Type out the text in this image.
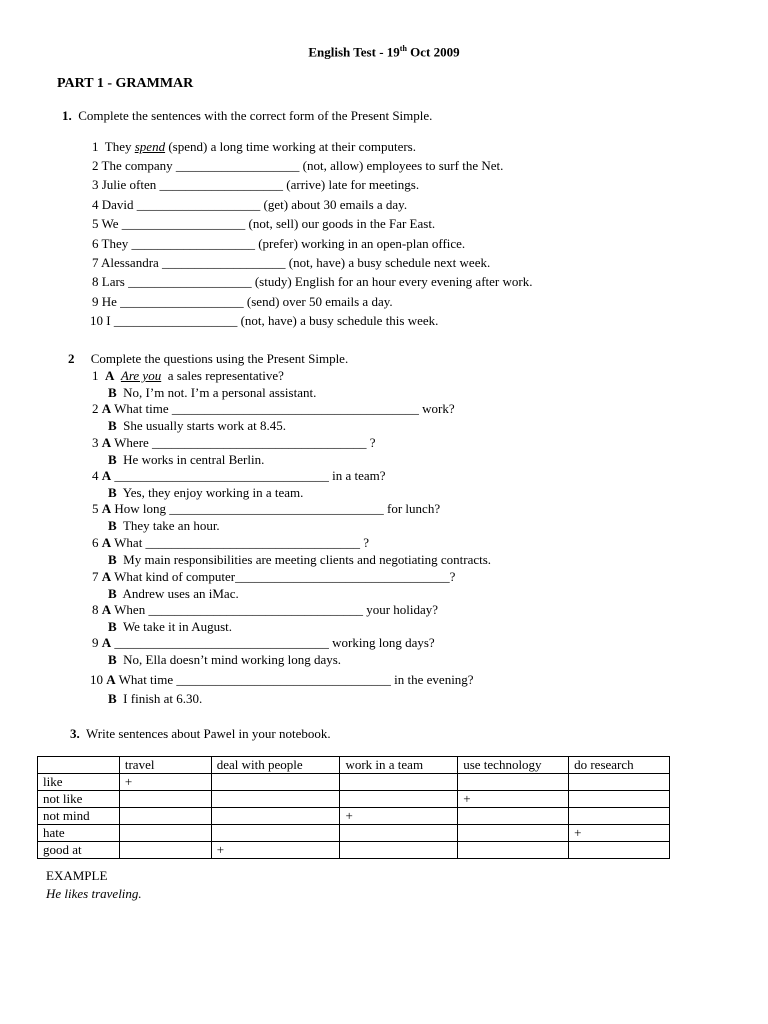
English Test - 19th Oct 2009
PART 1 - GRAMMAR
1. Complete the sentences with the correct form of the Present Simple.
1 They spend (spend) a long time working at their computers.
2 The company ___________________ (not, allow) employees to surf the Net.
3 Julie often ___________________ (arrive) late for meetings.
4 David ___________________ (get) about 30 emails a day.
5 We ___________________ (not, sell) our goods in the Far East.
6 They ___________________ (prefer) working in an open-plan office.
7 Alessandra ___________________ (not, have) a busy schedule next week.
8 Lars ___________________ (study) English for an hour every evening after work.
9 He ___________________ (send) over 50 emails a day.
10 I ___________________ (not, have) a busy schedule this week.
2 Complete the questions using the Present Simple.
1 A Are you a sales representative?
B No, I’m not. I’m a personal assistant.
2 A What time ______________________________________ work?
B She usually starts work at 8.45.
3 A Where _________________________________ ?
B He works in central Berlin.
4 A _________________________________ in a team?
B Yes, they enjoy working in a team.
5 A How long _________________________________ for lunch?
B They take an hour.
6 A What _________________________________ ?
B My main responsibilities are meeting clients and negotiating contracts.
7 A What kind of computer_________________________________?
B Andrew uses an iMac.
8 A When _________________________________ your holiday?
B We take it in August.
9 A _________________________________ working long days?
B No, Ella doesn’t mind working long days.
10 A What time _________________________________ in the evening?
B I finish at 6.30.
3. Write sentences about Pawel in your notebook.
	travel	deal with people	work in a team	use technology	do research
like	+				
not like				+	
not mind			+		
hate					+
good at		+			
EXAMPLE
He likes traveling.
